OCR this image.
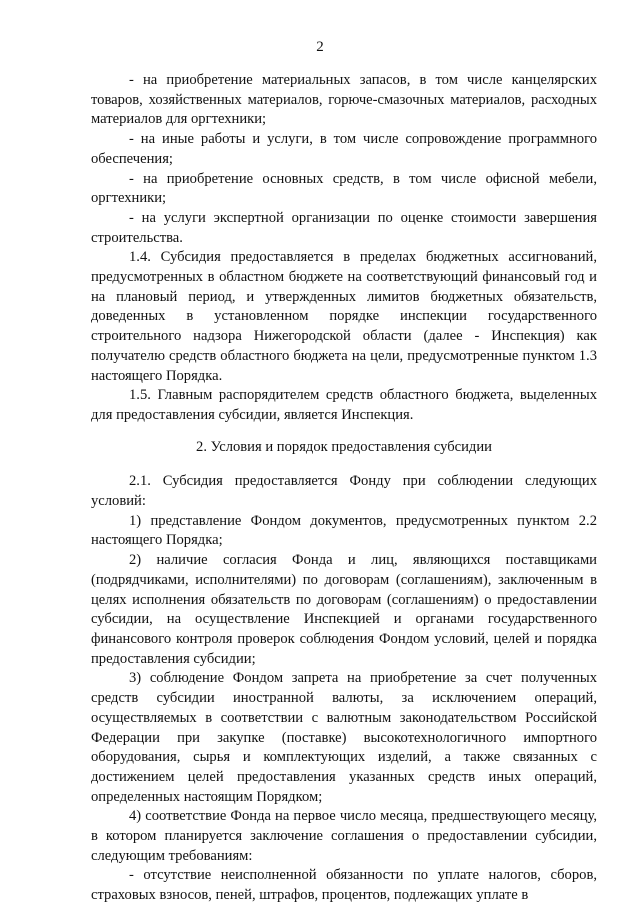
2

- на приобретение материальных запасов, в том числе канцелярских товаров, хозяйственных материалов, горюче-смазочных материалов, расходных материалов для оргтехники;

- на иные работы и услуги, в том числе сопровождение программного обеспечения;

- на приобретение основных средств, в том числе офисной мебели, оргтехники;

- на услуги экспертной организации по оценке стоимости завершения строительства.

1.4. Субсидия предоставляется в пределах бюджетных ассигнований, предусмотренных в областном бюджете на соответствующий финансовый год и на плановый период, и утвержденных лимитов бюджетных обязательств, доведенных в установленном порядке инспекции государственного строительного надзора Нижегородской области (далее - Инспекция) как получателю средств областного бюджета на цели, предусмотренные пунктом 1.3 настоящего Порядка.

1.5. Главным распорядителем средств областного бюджета, выделенных для предоставления субсидии, является Инспекция.

2. Условия и порядок предоставления субсидии

2.1. Субсидия предоставляется Фонду при соблюдении следующих условий:

1) представление Фондом документов, предусмотренных пунктом 2.2 настоящего Порядка;

2) наличие согласия Фонда и лиц, являющихся поставщиками (подрядчиками, исполнителями) по договорам (соглашениям), заключенным в целях исполнения обязательств по договорам (соглашениям) о предоставлении субсидии, на осуществление Инспекцией и органами государственного финансового контроля проверок соблюдения Фондом условий, целей и порядка предоставления субсидии;

3) соблюдение Фондом запрета на приобретение за счет полученных средств субсидии иностранной валюты, за исключением операций, осуществляемых в соответствии с валютным законодательством Российской Федерации при закупке (поставке) высокотехнологичного импортного оборудования, сырья и комплектующих изделий, а также связанных с достижением целей предоставления указанных средств иных операций, определенных настоящим Порядком;

4) соответствие Фонда на первое число месяца, предшествующего месяцу, в котором планируется заключение соглашения о предоставлении субсидии, следующим требованиям:

- отсутствие неисполненной обязанности по уплате налогов, сборов, страховых взносов, пеней, штрафов, процентов, подлежащих уплате в
